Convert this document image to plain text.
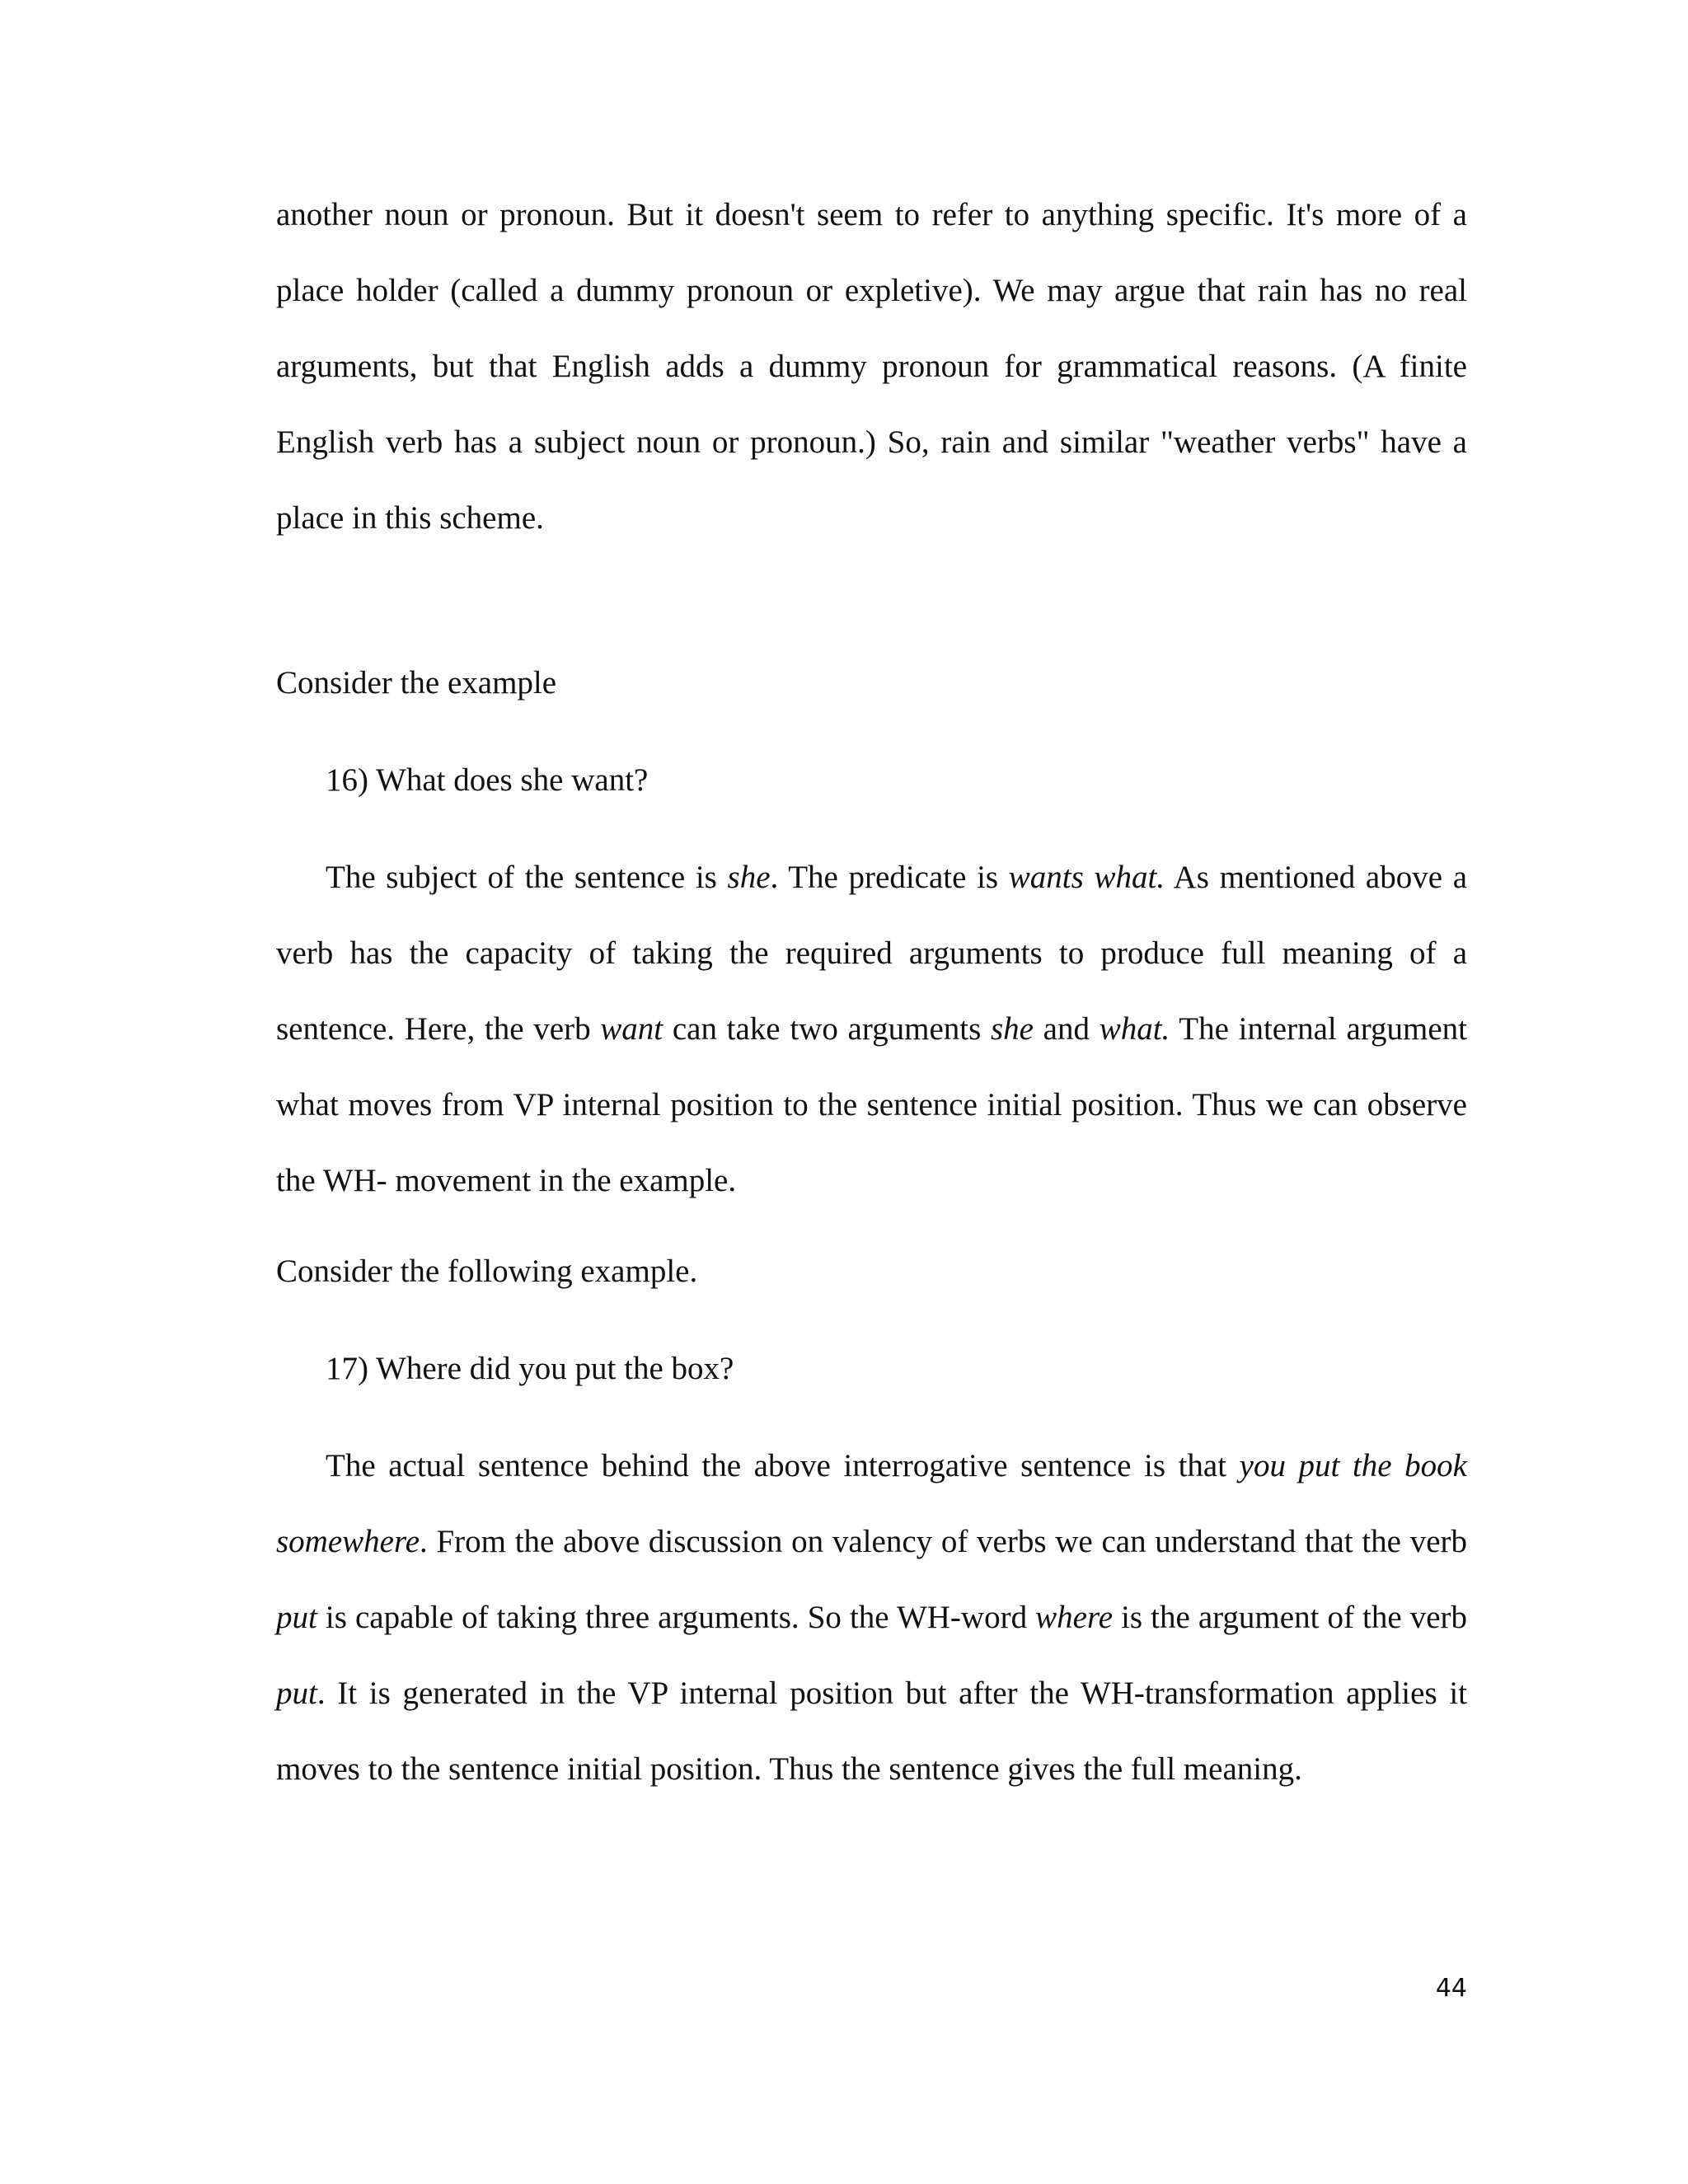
another noun or pronoun. But it doesn't seem to refer to anything specific. It's more of a place holder (called a dummy pronoun or expletive). We may argue that rain has no real arguments, but that English adds a dummy pronoun for grammatical reasons. (A finite English verb has a subject noun or pronoun.) So, rain and similar "weather verbs" have a place in this scheme.

Consider the example

16) What does she want?

The subject of the sentence is she. The predicate is wants what. As mentioned above a verb has the capacity of taking the required arguments to produce full meaning of a sentence. Here, the verb want can take two arguments she and what. The internal argument what moves from VP internal position to the sentence initial position. Thus we can observe the WH- movement in the example.

Consider the following example.

17) Where did you put the box?

The actual sentence behind the above interrogative sentence is that you put the book somewhere. From the above discussion on valency of verbs we can understand that the verb put is capable of taking three arguments. So the WH-word where is the argument of the verb put. It is generated in the VP internal position but after the WH-transformation applies it moves to the sentence initial position. Thus the sentence gives the full meaning.

44
